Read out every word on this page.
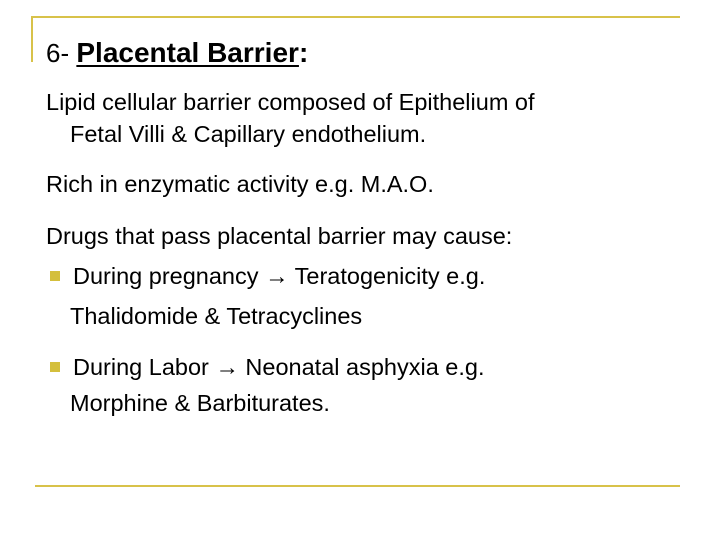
6- Placental Barrier:
Lipid cellular barrier composed of Epithelium of
Fetal Villi & Capillary endothelium.
Rich in enzymatic activity e.g. M.A.O.
Drugs that pass placental barrier may cause:
During pregnancy → Teratogenicity e.g.
Thalidomide & Tetracyclines
During Labor → Neonatal asphyxia e.g.
Morphine & Barbiturates.
